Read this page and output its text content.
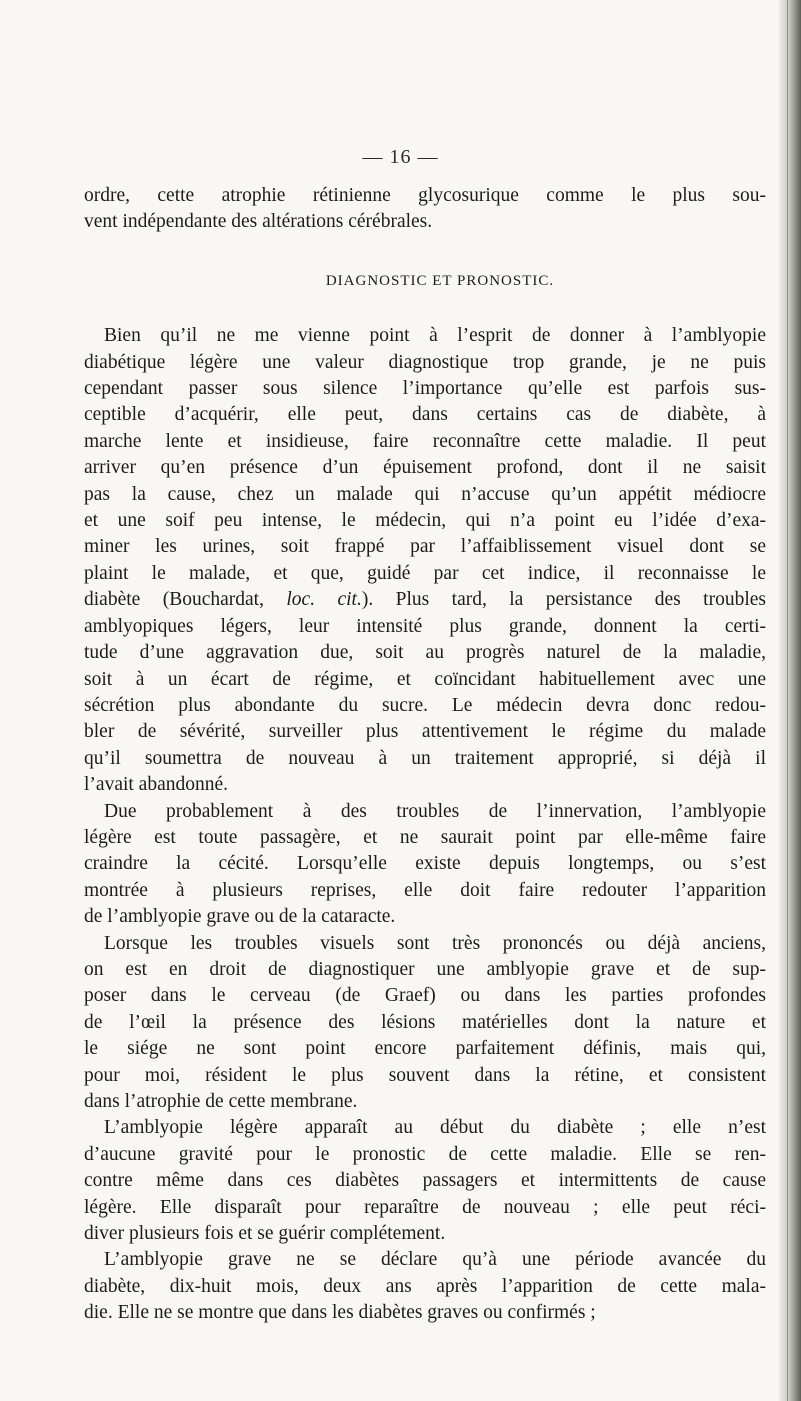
— 16 —
ordre, cette atrophie rétinienne glycosurique comme le plus sou-
vent indépendante des altérations cérébrales.
DIAGNOSTIC ET PRONOSTIC.
Bien qu’il ne me vienne point à l’esprit de donner à l’amblyopie
diabétique légère une valeur diagnostique trop grande, je ne puis
cependant passer sous silence l’importance qu’elle est parfois sus-
ceptible d’acquérir, elle peut, dans certains cas de diabète, à
marche lente et insidieuse, faire reconnaître cette maladie. Il peut
arriver qu’en présence d’un épuisement profond, dont il ne saisit
pas la cause, chez un malade qui n’accuse qu’un appétit médiocre
et une soif peu intense, le médecin, qui n’a point eu l’idée d’exa-
miner les urines, soit frappé par l’affaiblissement visuel dont se
plaint le malade, et que, guidé par cet indice, il reconnaisse le
diabète (Bouchardat, loc. cit.). Plus tard, la persistance des troubles
amblyopiques légers, leur intensité plus grande, donnent la certi-
tude d’une aggravation due, soit au progrès naturel de la maladie,
soit à un écart de régime, et coïncidant habituellement avec une
sécrétion plus abondante du sucre. Le médecin devra donc redou-
bler de sévérité, surveiller plus attentivement le régime du malade
qu’il soumettra de nouveau à un traitement approprié, si déjà il
l’avait abandonné.
Due probablement à des troubles de l’innervation, l’amblyopie
légère est toute passagère, et ne saurait point par elle-même faire
craindre la cécité. Lorsqu’elle existe depuis longtemps, ou s’est
montrée à plusieurs reprises, elle doit faire redouter l’apparition
de l’amblyopie grave ou de la cataracte.
Lorsque les troubles visuels sont très prononcés ou déjà anciens,
on est en droit de diagnostiquer une amblyopie grave et de sup-
poser dans le cerveau (de Graef) ou dans les parties profondes
de l’œil la présence des lésions matérielles dont la nature et
le siége ne sont point encore parfaitement définis, mais qui,
pour moi, résident le plus souvent dans la rétine, et consistent
dans l’atrophie de cette membrane.
L’amblyopie légère apparaît au début du diabète ; elle n’est
d’aucune gravité pour le pronostic de cette maladie. Elle se ren-
contre même dans ces diabètes passagers et intermittents de cause
légère. Elle disparaît pour reparaître de nouveau ; elle peut réci-
diver plusieurs fois et se guérir complétement.
L’amblyopie grave ne se déclare qu’à une période avancée du
diabète, dix-huit mois, deux ans après l’apparition de cette mala-
die. Elle ne se montre que dans les diabètes graves ou confirmés ;
